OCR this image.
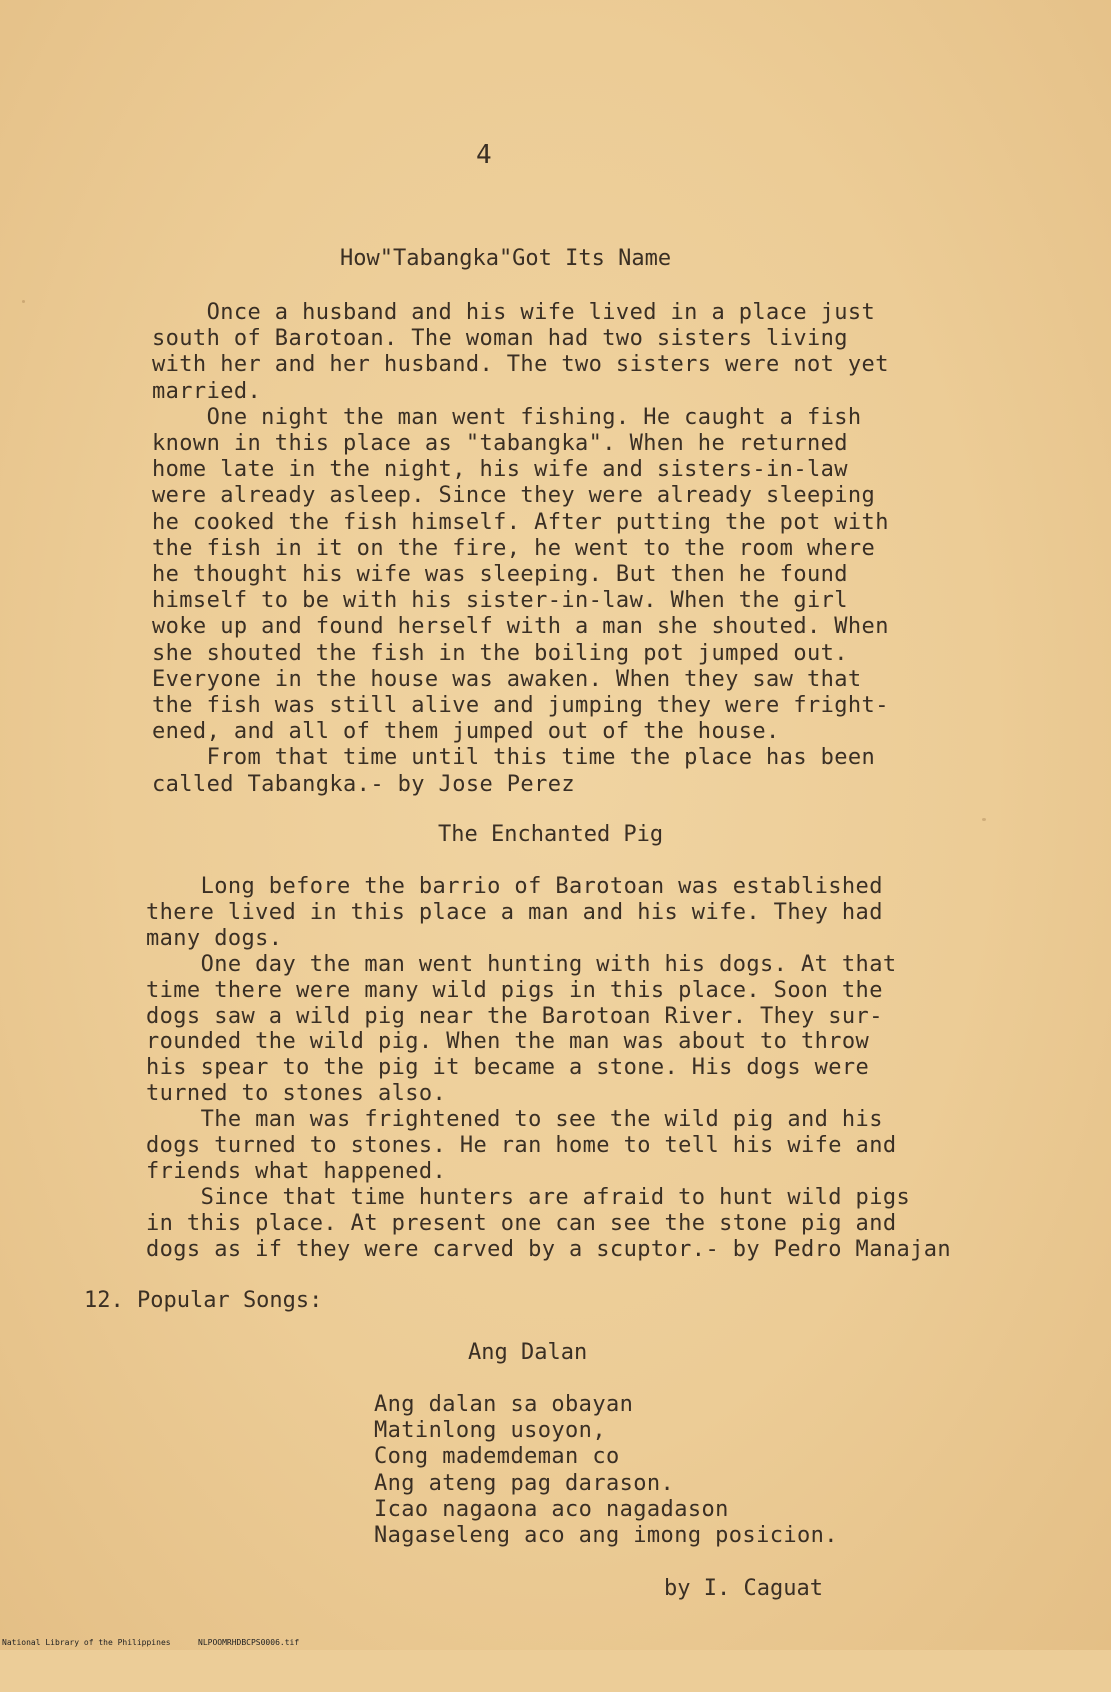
4
How"Tabangka"Got Its Name
Once a husband and his wife lived in a place just
south of Barotoan. The woman had two sisters living
with her and her husband. The two sisters were not yet
married.
One night the man went fishing. He caught a fish
known in this place as "tabangka". When he returned
home late in the night, his wife and sisters-in-law
were already asleep. Since they were already sleeping
he cooked the fish himself. After putting the pot with
the fish in it on the fire, he went to the room where
he thought his wife was sleeping. But then he found
himself to be with his sister-in-law. When the girl
woke up and found herself with a man she shouted. When
she shouted the fish in the boiling pot jumped out.
Everyone in the house was awaken. When they saw that
the fish was still alive and jumping they were fright-
ened, and all of them jumped out of the house.
From that time until this time the place has been
called Tabangka.- by Jose Perez
The Enchanted Pig
Long before the barrio of Barotoan was established
there lived in this place a man and his wife. They had
many dogs.
One day the man went hunting with his dogs. At that
time there were many wild pigs in this place. Soon the
dogs saw a wild pig near the Barotoan River. They sur-
rounded the wild pig. When the man was about to throw
his spear to the pig it became a stone. His dogs were
turned to stones also.
The man was frightened to see the wild pig and his
dogs turned to stones. He ran home to tell his wife and
friends what happened.
Since that time hunters are afraid to hunt wild pigs
in this place. At present one can see the stone pig and
dogs as if they were carved by a scuptor.- by Pedro Manajan
12. Popular Songs:
Ang Dalan
Ang dalan sa obayan
Matinlong usoyon,
Cong mademdeman co
Ang ateng pag darason.
Icao nagaona aco nagadason
Nagaseleng aco ang imong posicion.
by I. Caguat

National Library of the Philippines

	NLPOOMRHDBCPS0006.tif
